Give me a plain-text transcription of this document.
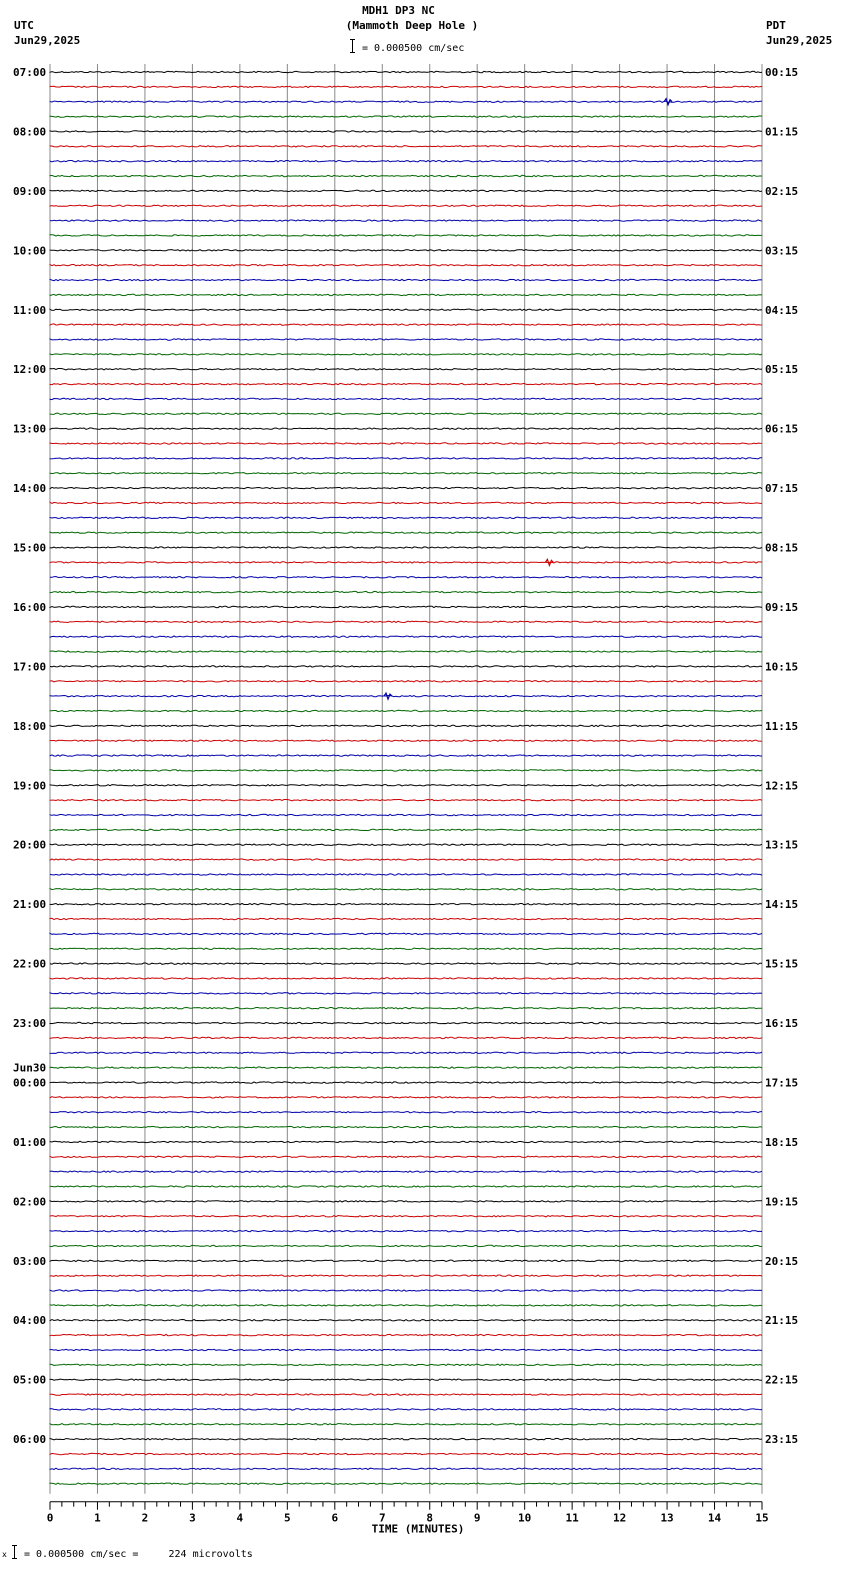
MDH1 DP3 NC
(Mammoth Deep Hole )
= 0.000500 cm/sec
UTC
Jun29,2025
PDT
Jun29,2025
07:00
08:00
09:00
10:00
11:00
12:00
13:00
14:00
15:00
16:00
17:00
18:00
19:00
20:00
21:00
22:00
23:00
00:00
Jun30
01:00
02:00
03:00
04:00
05:00
06:00
00:15
01:15
02:15
03:15
04:15
05:15
06:15
07:15
08:15
09:15
10:15
11:15
12:15
13:15
14:15
15:15
16:15
17:15
18:15
19:15
20:15
21:15
22:15
23:15
0	1	2	3	4	5	6	7	8	9	10	11	12	13	14	15
TIME (MINUTES)
x = 0.000500 cm/sec =     224 microvolts
